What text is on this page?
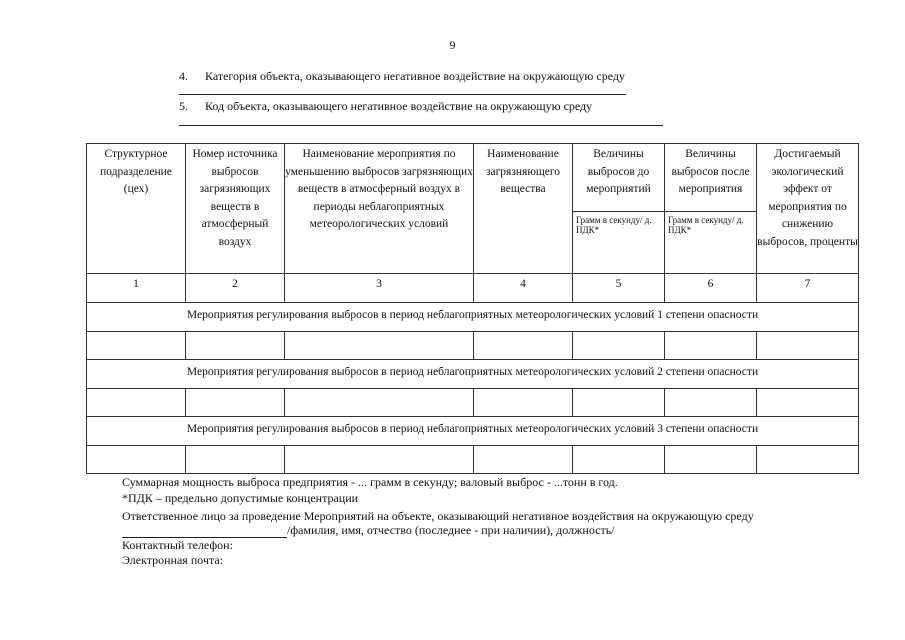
9
4. Категория объекта, оказывающего негативное воздействие на окружающую среду
5. Код объекта, оказывающего негативное воздействие на окружающую среду
Структурное подразделение (цех)	Номер источника выбросов загрязняющих веществ в атмосферный воздух	Наименование мероприятия по уменьшению выбросов загрязняющих веществ в атмосферный воздух в периоды неблагоприятных метеорологических условий	Наименование загрязняющего вещества	Величины выбросов до мероприятий	Величины выбросов после мероприятия	Достигаемый экологический эффект от мероприятия по снижению выбросов, проценты
				Грамм в секунду/ д. ПДК*	Грамм в секунду/ д. ПДК*	
1	2	3	4	5	6	7
Мероприятия регулирования выбросов в период неблагоприятных метеорологических условий 1 степени опасности						

Мероприятия регулирования выбросов в период неблагоприятных метеорологических условий 2 степени опасности						

Мероприятия регулирования выбросов в период неблагоприятных метеорологических условий 3 степени опасности						

Суммарная мощность выброса предприятия - ... грамм в секунду; валовый выброс - ...тонн в год.
*ПДК – предельно допустимые концентрации
Ответственное лицо за проведение Мероприятий на объекте, оказывающий негативное воздействия на окружающую среду
/фамилия, имя, отчество (последнее - при наличии), должность/
Контактный телефон:
Электронная почта:
